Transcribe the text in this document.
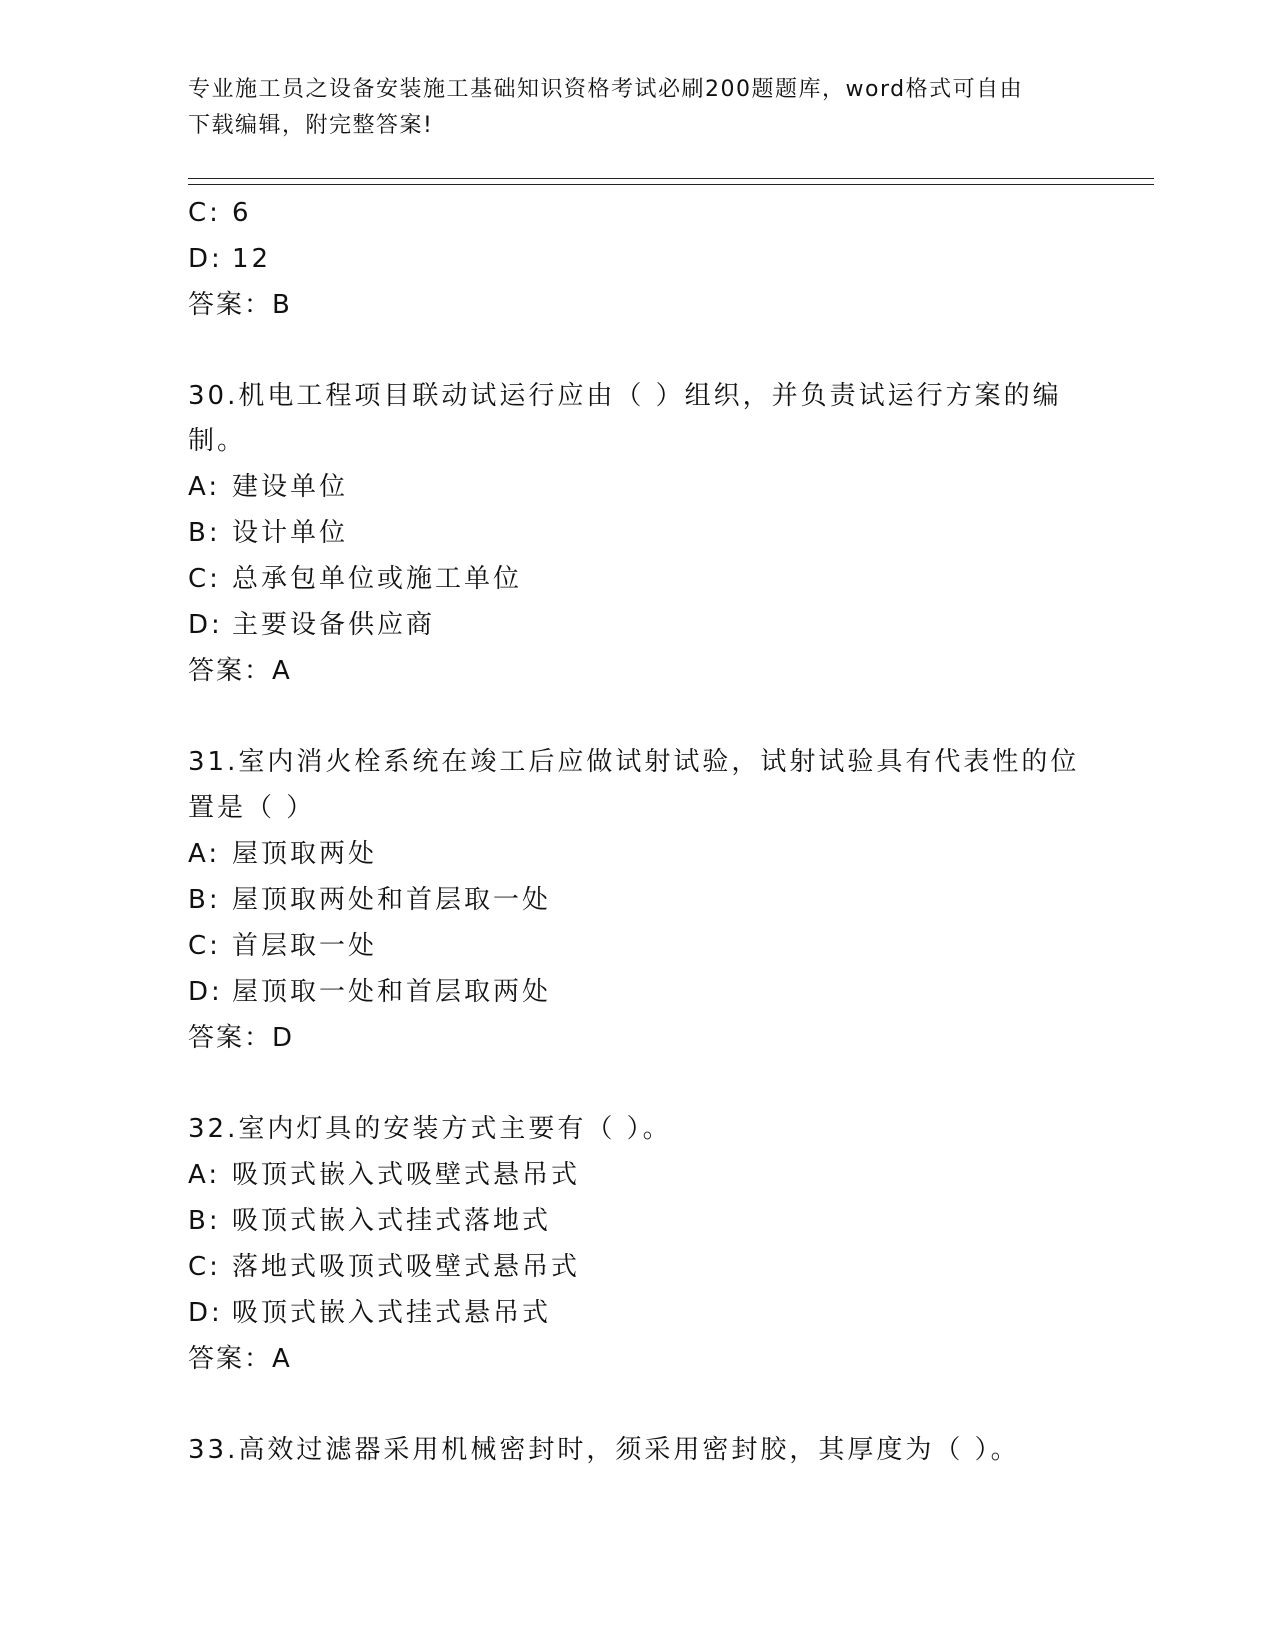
专业施工员之设备安装施工基础知识资格考试必刷200题题库，word格式可自由
下载编辑，附完整答案!
C: 6
D: 12
答案：B
30.机电工程项目联动试运行应由（ ）组织，并负责试运行方案的编
制。
A: 建设单位
B: 设计单位
C: 总承包单位或施工单位
D: 主要设备供应商
答案：A
31.室内消火栓系统在竣工后应做试射试验，试射试验具有代表性的位
置是（ ）
A: 屋顶取两处
B: 屋顶取两处和首层取一处
C: 首层取一处
D: 屋顶取一处和首层取两处
答案：D
32.室内灯具的安装方式主要有（ ）。
A: 吸顶式嵌入式吸壁式悬吊式
B: 吸顶式嵌入式挂式落地式
C: 落地式吸顶式吸壁式悬吊式
D: 吸顶式嵌入式挂式悬吊式
答案：A
33.高效过滤器采用机械密封时，须采用密封胶，其厚度为（ ）。
